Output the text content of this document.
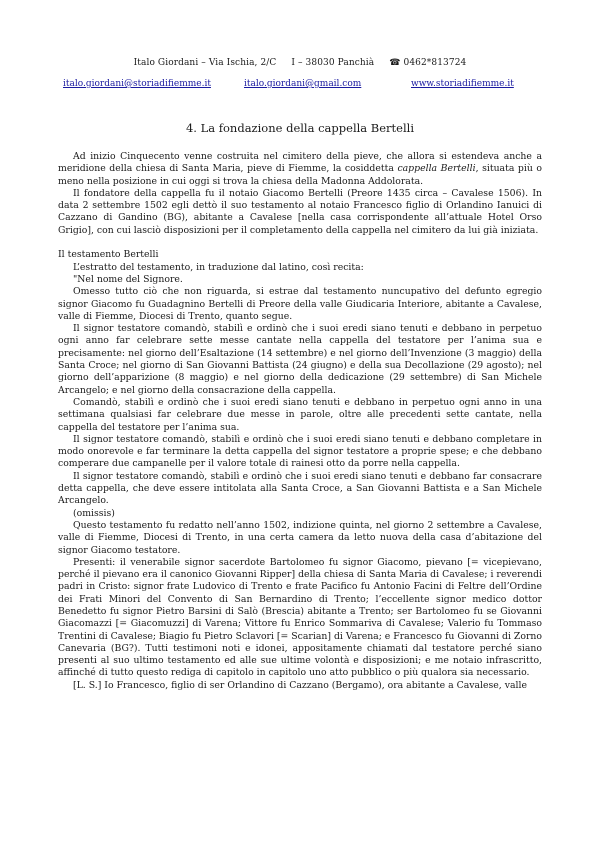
Italo Giordani – Via Ischia, 2/C I – 38030 Panchià ☎ 0462*813724
italo.giordani@storiadifiemme.it	italo.giordani@gmail.com	www.storiadifiemme.it
4. La fondazione della cappella Bertelli

Ad inizio Cinquecento venne costruita nel cimitero della pieve, che allora si estendeva anche a meridione della chiesa di Santa Maria, pieve di Fiemme, la cosiddetta cappella Bertelli, situata più o meno nella posizione in cui oggi si trova la chiesa della Madonna Addolorata.

Il fondatore della cappella fu il notaio Giacomo Bertelli (Preore 1435 circa – Cavalese 1506). In data 2 settembre 1502 egli dettò il suo testamento al notaio Francesco figlio di Orlandino Ianuici di Cazzano di Gandino (BG), abitante a Cavalese [nella casa corrispondente all’attuale Hotel Orso Grigio], con cui lasciò disposizioni per il completamento della cappella nel cimitero da lui già iniziata.

Il testamento Bertelli

L’estratto del testamento, in traduzione dal latino, così recita:

"Nel nome del Signore.

Omesso tutto ciò che non riguarda, si estrae dal testamento nuncupativo del defunto egregio signor Giacomo fu Guadagnino Bertelli di Preore della valle Giudicaria Interiore, abitante a Cavalese, valle di Fiemme, Diocesi di Trento, quanto segue.

Il signor testatore comandò, stabilì e ordinò che i suoi eredi siano tenuti e debbano in perpetuo ogni anno far celebrare sette messe cantate nella cappella del testatore per l’anima sua e precisamente: nel giorno dell’Esaltazione (14 settembre) e nel giorno dell’Invenzione (3 maggio) della Santa Croce; nel giorno di San Giovanni Battista (24 giugno) e della sua Decollazione (29 agosto); nel giorno dell’apparizione (8 maggio) e nel giorno della dedicazione (29 settembre) di San Michele Arcangelo; e nel giorno della consacrazione della cappella.

Comandò, stabilì e ordinò che i suoi eredi siano tenuti e debbano in perpetuo ogni anno in una settimana qualsiasi far celebrare due messe in parole, oltre alle precedenti sette cantate, nella cappella del testatore per l’anima sua.

Il signor testatore comandò, stabilì e ordinò che i suoi eredi siano tenuti e debbano completare in modo onorevole e far terminare la detta cappella del signor testatore a proprie spese; e che debbano comperare due campanelle per il valore totale di rainesi otto da porre nella cappella.

Il signor testatore comandò, stabilì e ordinò che i suoi eredi siano tenuti e debbano far consacrare detta cappella, che deve essere intitolata alla Santa Croce, a San Giovanni Battista e a San Michele Arcangelo.

(omissis)

Questo testamento fu redatto nell’anno 1502, indizione quinta, nel giorno 2 settembre a Cavalese, valle di Fiemme, Diocesi di Trento, in una certa camera da letto nuova della casa d’abitazione del signor Giacomo testatore.

Presenti: il venerabile signor sacerdote Bartolomeo fu signor Giacomo, pievano [= vicepievano, perché il pievano era il canonico Giovanni Ripper] della chiesa di Santa Maria di Cavalese; i reverendi padri in Cristo: signor frate Ludovico di Trento e frate Pacifico fu Antonio Facini di Feltre dell’Ordine dei Frati Minori del Convento di San Bernardino di Trento; l’eccellente signor medico dottor Benedetto fu signor Pietro Barsini di Salò (Brescia) abitante a Trento; ser Bartolomeo fu se Giovanni Giacomazzi [= Giacomuzzi] di Varena; Vittore fu Enrico Sommariva di Cavalese; Valerio fu Tommaso Trentini di Cavalese; Biagio fu Pietro Sclavori [= Scarian] di Varena; e Francesco fu Giovanni di Zorno Canevaria (BG?). Tutti testimoni noti e idonei, appositamente chiamati dal testatore perché siano presenti al suo ultimo testamento ed alle sue ultime volontà e disposizioni; e me notaio infrascritto, affinché di tutto questo rediga di capitolo in capitolo uno atto pubblico o più qualora sia necessario.

[L. S.] Io Francesco, figlio di ser Orlandino di Cazzano (Bergamo), ora abitante a Cavalese, valle
